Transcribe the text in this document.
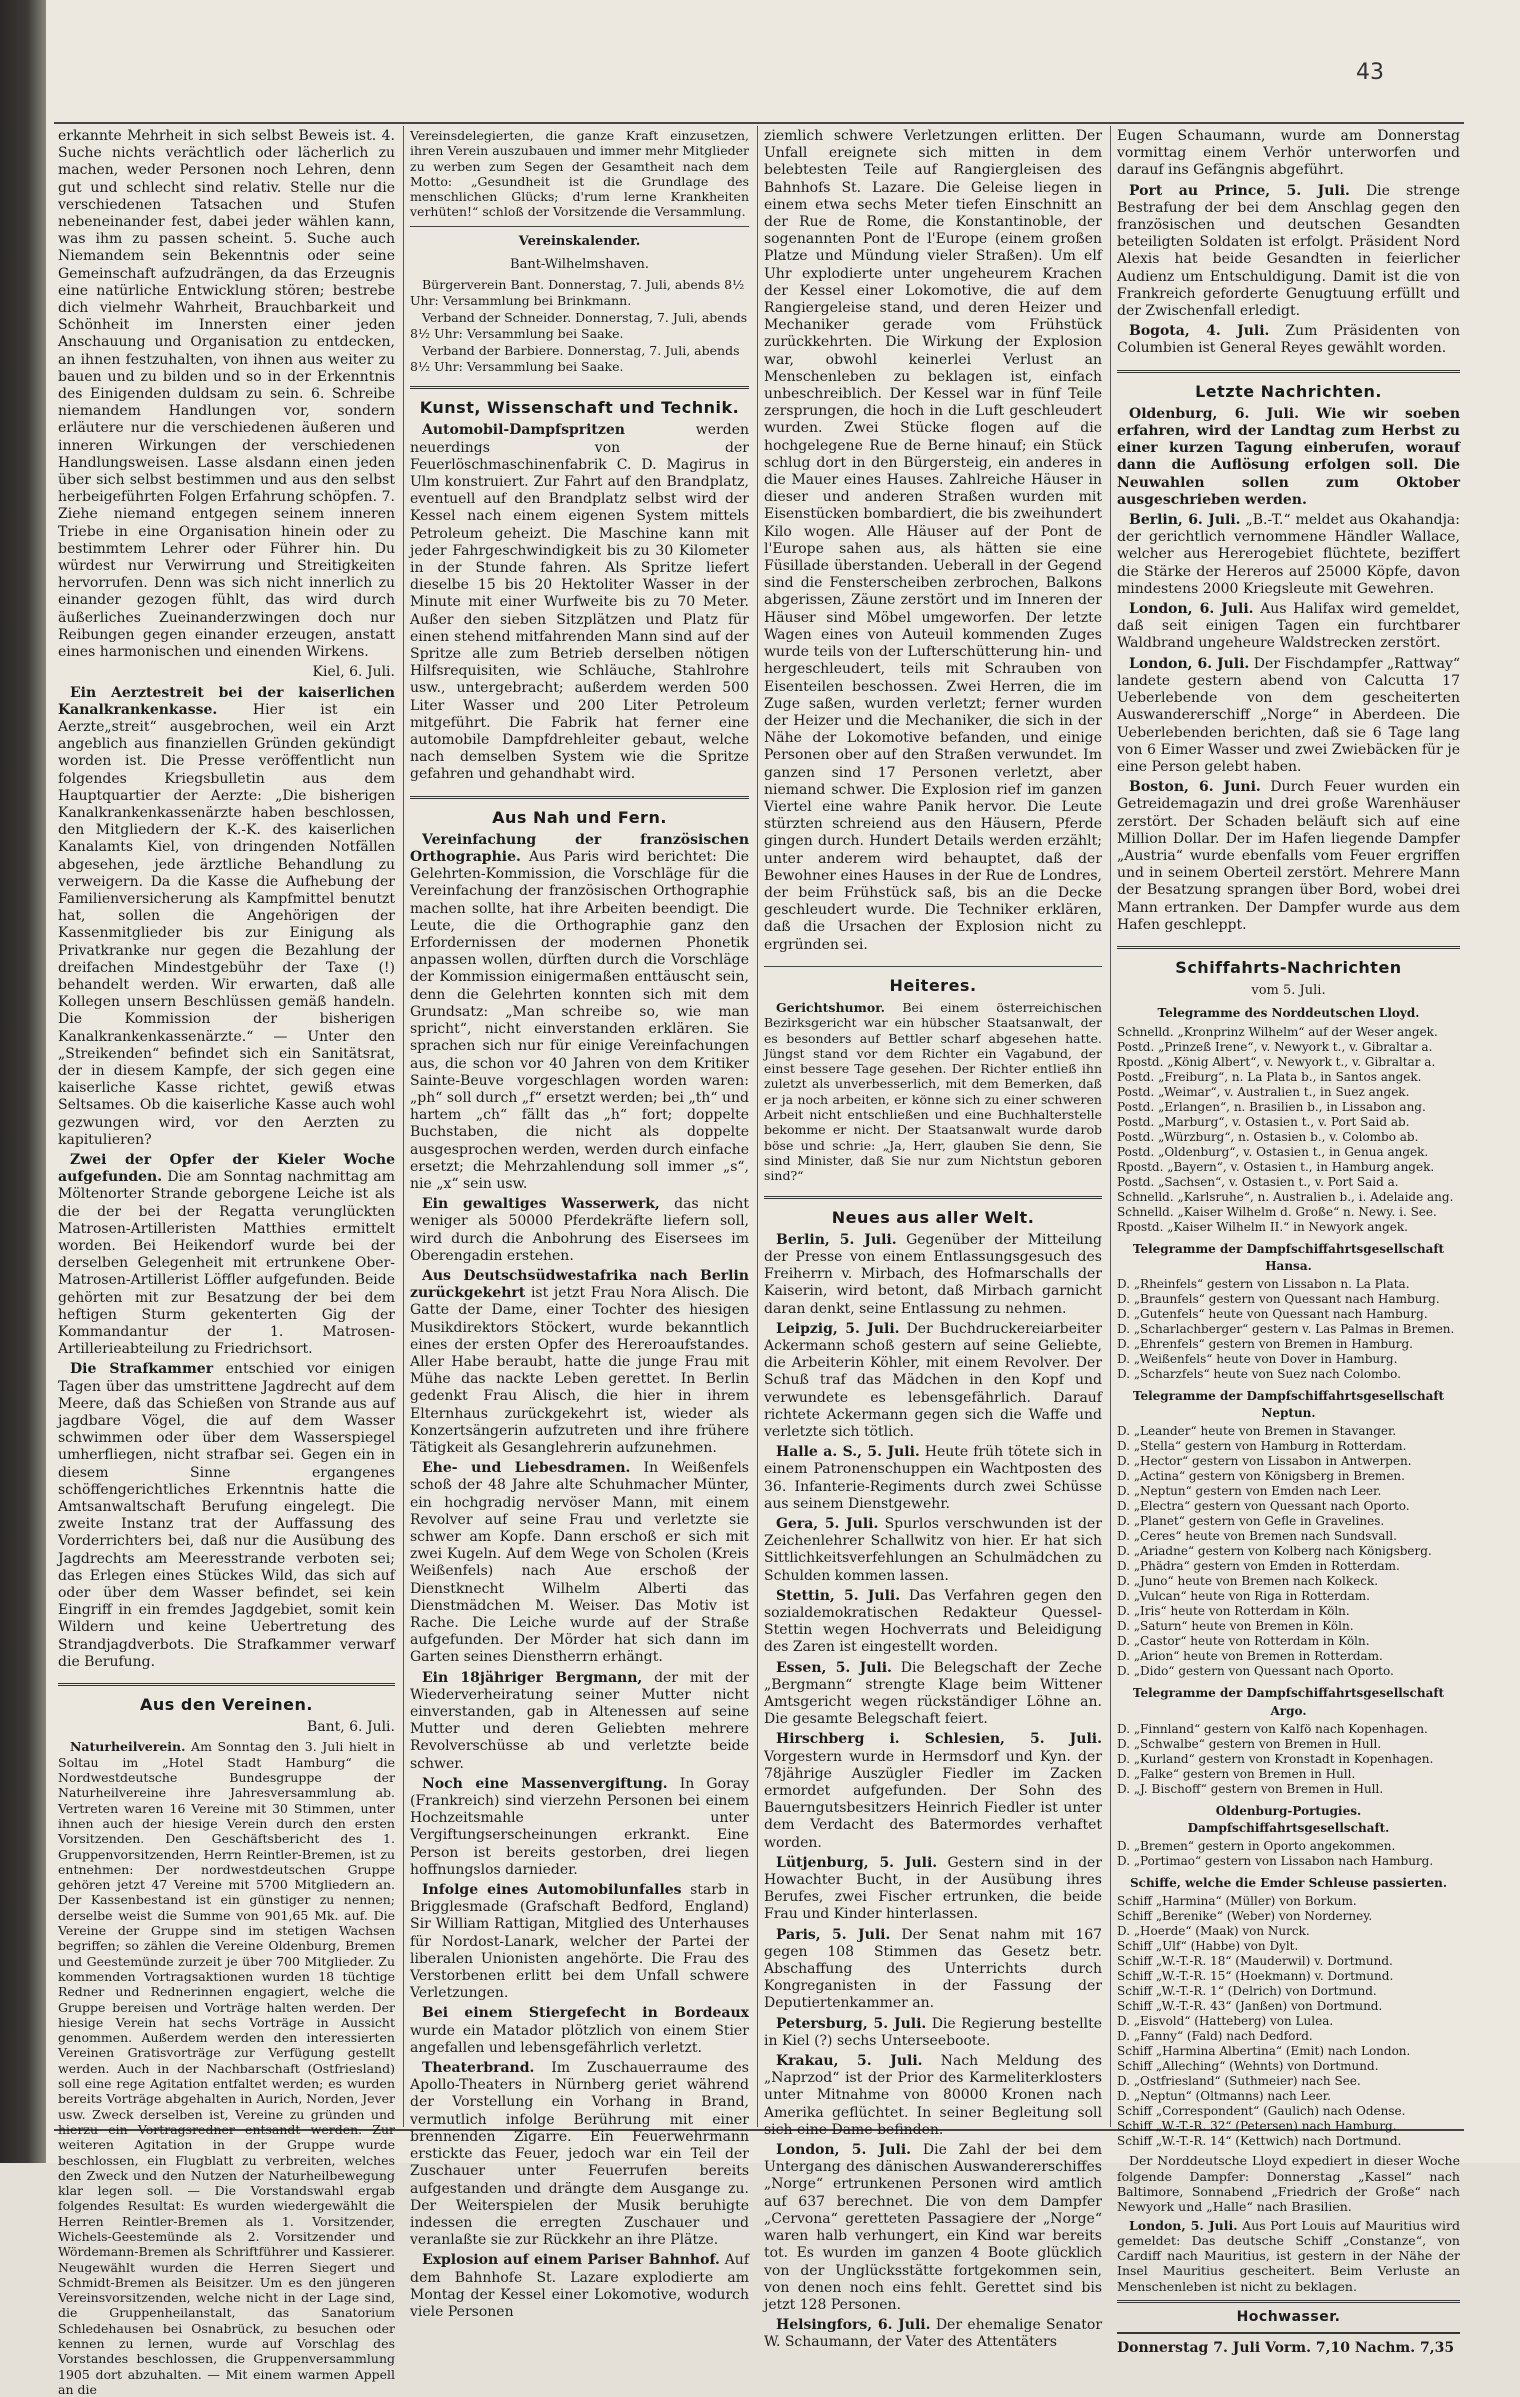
43

erkannte Mehrheit in sich selbst Beweis ist. 4. Suche nichts verächtlich oder lächerlich zu machen, weder Personen noch Lehren, denn gut und schlecht sind relativ. Stelle nur die verschiedenen Tatsachen und Stufen nebeneinander fest, dabei jeder wählen kann, was ihm zu passen scheint. 5. Suche auch Niemandem sein Bekenntnis oder seine Gemeinschaft aufzudrängen, da das Erzeugnis eine natürliche Entwicklung stören; bestrebe dich vielmehr Wahrheit, Brauchbarkeit und Schönheit im Innersten einer jeden Anschauung und Organisation zu entdecken, an ihnen festzuhalten, von ihnen aus weiter zu bauen und zu bilden und so in der Erkenntnis des Einigenden duldsam zu sein. 6. Schreibe niemandem Handlungen vor, sondern erläutere nur die verschiedenen äußeren und inneren Wirkungen der verschiedenen Handlungsweisen. Lasse alsdann einen jeden über sich selbst bestimmen und aus den selbst herbeigeführten Folgen Erfahrung schöpfen. 7. Ziehe niemand entgegen seinem inneren Triebe in eine Organisation hinein oder zu bestimmtem Lehrer oder Führer hin. Du würdest nur Verwirrung und Streitigkeiten hervorrufen. Denn was sich nicht innerlich zu einander gezogen fühlt, das wird durch äußerliches Zueinanderzwingen doch nur Reibungen gegen einander erzeugen, anstatt eines harmonischen und einenden Wirkens.

Kiel, 6. Juli.

Ein Aerztestreit bei der kaiserlichen Kanalkrankenkasse.	Hier ist ein Aerzte„streit“ ausgebrochen, weil ein Arzt angeblich aus finanziellen Gründen gekündigt worden ist. Die Presse veröffentlicht nun folgendes Kriegsbulletin aus dem Hauptquartier der Aerzte: „Die bisherigen Kanalkrankenkassenärzte haben beschlossen, den Mitgliedern der K.-K. des kaiserlichen Kanalamts Kiel, von dringenden Notfällen abgesehen, jede ärztliche Behandlung zu verweigern. Da die Kasse die Aufhebung der Familienversicherung als Kampfmittel benutzt hat, sollen die Angehörigen der Kassenmitglieder bis zur Einigung als Privatkranke nur gegen die Bezahlung der dreifachen Mindestgebühr der Taxe (!) behandelt werden. Wir erwarten, daß alle Kollegen unsern Beschlüssen gemäß handeln. Die Kommission der bisherigen Kanalkrankenkassenärzte.“ — Unter den „Streikenden“ befindet sich ein Sanitätsrat, der in diesem Kampfe, der sich gegen eine kaiserliche Kasse richtet, gewiß etwas Seltsames. Ob die kaiserliche Kasse auch wohl gezwungen wird, vor den Aerzten zu kapitulieren?

Zwei der Opfer der Kieler Woche aufgefunden. Die am Sonntag nachmittag am Möltenorter Strande geborgene Leiche ist als die der bei der Regatta verunglückten Matrosen-Artilleristen Matthies ermittelt worden. Bei Heikendorf wurde bei der derselben Gelegenheit mit ertrunkene Ober-Matrosen-Artillerist Löffler aufgefunden. Beide gehörten mit zur Besatzung der bei dem heftigen Sturm gekenterten Gig der Kommandantur der 1. Matrosen-Artillerieabteilung zu Friedrichsort.

Die Strafkammer entschied vor einigen Tagen über das umstrittene Jagdrecht auf dem Meere, daß das Schießen von Strande aus auf jagdbare Vögel, die auf dem Wasser schwimmen oder über dem Wasserspiegel umherfliegen, nicht strafbar sei. Gegen ein in diesem Sinne ergangenes schöffengerichtliches Erkenntnis hatte die Amtsanwaltschaft Berufung eingelegt. Die zweite Instanz trat der Auffassung des Vorderrichters bei, daß nur die Ausübung des Jagdrechts am Meeresstrande verboten sei; das Erlegen eines Stückes Wild, das sich auf oder über dem Wasser befindet, sei kein Eingriff in ein fremdes Jagdgebiet, somit kein Wildern und keine Uebertretung des Strandjagdverbots. Die Strafkammer verwarf die Berufung.

Aus den Vereinen.

Bant, 6. Juli.

Naturheilverein. Am Sonntag den 3. Juli hielt in Soltau im „Hotel Stadt Hamburg“ die Nordwestdeutsche Bundesgruppe der Naturheilvereine ihre Jahresversammlung ab. Vertreten waren 16 Vereine mit 30 Stimmen, unter ihnen auch der hiesige Verein durch den ersten Vorsitzenden. Den Geschäftsbericht des 1. Gruppenvorsitzenden, Herrn Reintler-Bremen, ist zu entnehmen: Der nordwestdeutschen Gruppe gehören jetzt 47 Vereine mit 5700 Mitgliedern an. Der Kassenbestand ist ein günstiger zu nennen; derselbe weist die Summe von 901,65 Mk. auf. Die Vereine der Gruppe sind im stetigen Wachsen begriffen; so zählen die Vereine Oldenburg, Bremen und Geestemünde zurzeit je über 700 Mitglieder. Zu kommenden Vortragsaktionen wurden 18 tüchtige Redner und Rednerinnen engagiert, welche die Gruppe bereisen und Vorträge halten werden. Der hiesige Verein hat sechs Vorträge in Aussicht genommen. Außerdem werden den interessierten Vereinen Gratisvorträge zur Verfügung gestellt werden. Auch in der Nachbarschaft (Ostfriesland) soll eine rege Agitation entfaltet werden; es wurden bereits Vorträge abgehalten in Aurich, Norden, Jever usw. Zweck derselben ist, Vereine zu gründen und hierzu ein Vortragsredner entsandt werden. Zur weiteren Agitation in der Gruppe wurde beschlossen, ein Flugblatt zu verbreiten, welches den Zweck und den Nutzen der Naturheilbewegung klar legen soll. — Die Vorstandswahl ergab folgendes Resultat: Es wurden wiedergewählt die Herren Reintler-Bremen als 1. Vorsitzender, Wichels-Geestemünde als 2. Vorsitzender und Wördemann-Bremen als Schriftführer und Kassierer. Neugewählt wurden die Herren Siegert und Schmidt-Bremen als Beisitzer. Um es den jüngeren Vereinsvorsitzenden, welche nicht in der Lage sind, die Gruppenheilanstalt, das Sanatorium Schledehausen bei Osnabrück, zu besuchen oder kennen zu lernen, wurde auf Vorschlag des Vorstandes beschlossen, die Gruppenversammlung 1905 dort abzuhalten. — Mit einem warmen Appell an die

Vereinsdelegierten, die ganze Kraft einzusetzen, ihren Verein auszubauen und immer mehr Mitglieder zu werben zum Segen der Gesamtheit nach dem Motto: „Gesundheit ist die Grundlage des menschlichen Glücks; d'rum lerne Krankheiten verhüten!“ schloß der Vorsitzende die Versammlung.

Vereinskalender.
Bant-Wilhelmshaven.

Bürgerverein Bant. Donnerstag, 7. Juli, abends 8½ Uhr: Versammlung bei Brinkmann.

Verband der Schneider. Donnerstag, 7. Juli, abends 8½ Uhr: Versammlung bei Saake.

Verband der Barbiere. Donnerstag, 7. Juli, abends 8½ Uhr: Versammlung bei Saake.

Kunst, Wissenschaft und Technik.

Automobil-Dampfspritzen	werden neuerdings von der Feuerlöschmaschinenfabrik C. D. Magirus in Ulm konstruiert. Zur Fahrt auf den Brandplatz, eventuell auf den Brandplatz selbst wird der Kessel nach einem eigenen System mittels Petroleum geheizt. Die Maschine kann mit jeder Fahrgeschwindigkeit bis zu 30 Kilometer in der Stunde fahren. Als Spritze liefert dieselbe 15 bis 20 Hektoliter Wasser in der Minute mit einer Wurfweite bis zu 70 Meter. Außer den sieben Sitzplätzen und Platz für einen stehend mitfahrenden Mann sind auf der Spritze alle zum Betrieb derselben nötigen Hilfsrequisiten, wie Schläuche, Stahlrohre usw., untergebracht; außerdem werden 500 Liter Wasser und 200 Liter Petroleum mitgeführt. Die Fabrik hat ferner eine automobile Dampfdrehleiter gebaut, welche nach demselben System wie die Spritze gefahren und gehandhabt wird.

Aus Nah und Fern.

Vereinfachung der französischen Orthographie. Aus Paris wird berichtet: Die Gelehrten-Kommission, die Vorschläge für die Vereinfachung der französischen Orthographie machen sollte, hat ihre Arbeiten beendigt. Die Leute, die die Orthographie ganz den Erfordernissen der modernen Phonetik anpassen wollen, dürften durch die Vorschläge der Kommission einigermaßen enttäuscht sein, denn die Gelehrten konnten sich mit dem Grundsatz: „Man schreibe so, wie man spricht“, nicht einverstanden erklären. Sie sprachen sich nur für einige Vereinfachungen aus, die schon vor 40 Jahren von dem Kritiker Sainte-Beuve vorgeschlagen worden waren: „ph“ soll durch „f“ ersetzt werden; bei „th“ und hartem „ch“ fällt das „h“ fort; doppelte Buchstaben, die nicht als doppelte ausgesprochen werden, werden durch einfache ersetzt; die Mehrzahlendung soll immer „s“, nie „x“ sein usw.

Ein gewaltiges Wasserwerk, das nicht weniger als 50000 Pferdekräfte liefern soll, wird durch die Anbohrung des Eisersees im Oberengadin erstehen.

Aus Deutschsüdwestafrika nach Berlin zurückgekehrt ist jetzt Frau Nora Alisch. Die Gatte der Dame, einer Tochter des hiesigen Musikdirektors Stöckert, wurde bekanntlich eines der ersten Opfer des Hereroaufstandes. Aller Habe beraubt, hatte die junge Frau mit Mühe das nackte Leben gerettet. In Berlin gedenkt Frau Alisch, die hier in ihrem Elternhaus zurückgekehrt ist, wieder als Konzertsängerin aufzutreten und ihre frühere Tätigkeit als Gesanglehrerin aufzunehmen.

Ehe- und Liebesdramen. In Weißenfels schoß der 48 Jahre alte Schuhmacher Münter, ein hochgradig nervöser Mann, mit einem Revolver auf seine Frau und verletzte sie schwer am Kopfe. Dann erschoß er sich mit zwei Kugeln. Auf dem Wege von Scholen (Kreis Weißenfels) nach Aue erschoß der Dienstknecht Wilhelm Alberti das Dienstmädchen M. Weiser. Das Motiv ist Rache. Die Leiche wurde auf der Straße aufgefunden. Der Mörder hat sich dann im Garten seines Dienstherrn erhängt.

Ein 18jähriger Bergmann, der mit der Wiederverheiratung seiner Mutter nicht einverstanden, gab in Altenessen auf seine Mutter und deren Geliebten mehrere Revolverschüsse ab und verletzte beide schwer.

Noch eine Massenvergiftung. In Goray (Frankreich) sind vierzehn Personen bei einem Hochzeitsmahle unter Vergiftungserscheinungen erkrankt. Eine Person ist bereits gestorben, drei liegen hoffnungslos darnieder.

Infolge eines Automobilunfalles starb in Brigglesmade (Grafschaft Bedford, England) Sir William Rattigan, Mitglied des Unterhauses für Nordost-Lanark, welcher der Partei der liberalen Unionisten angehörte. Die Frau des Verstorbenen erlitt bei dem Unfall schwere Verletzungen.

Bei einem Stiergefecht in Bordeaux wurde ein Matador plötzlich von einem Stier angefallen und lebensgefährlich verletzt.

Theaterbrand. Im Zuschauerraume des Apollo-Theaters in Nürnberg geriet während der Vorstellung ein Vorhang in Brand, vermutlich infolge Berührung mit einer brennenden Zigarre. Ein Feuerwehrmann erstickte das Feuer, jedoch war ein Teil der Zuschauer unter Feuerrufen bereits aufgestanden und drängte dem Ausgange zu. Der Weiterspielen der Musik beruhigte indessen die erregten Zuschauer und veranlaßte sie zur Rückkehr an ihre Plätze.

Explosion auf einem Pariser Bahnhof. Auf dem Bahnhofe St. Lazare explodierte am Montag der Kessel einer Lokomotive, wodurch viele Personen

ziemlich schwere Verletzungen erlitten. Der Unfall ereignete sich mitten in dem belebtesten Teile auf Rangiergleisen des Bahnhofs St. Lazare. Die Geleise liegen in einem etwa sechs Meter tiefen Einschnitt an der Rue de Rome, die Konstantinoble, der sogenannten Pont de l'Europe (einem großen Platze und Mündung vieler Straßen). Um elf Uhr explodierte unter ungeheurem Krachen der Kessel einer Lokomotive, die auf dem Rangiergeleise stand, und deren Heizer und Mechaniker gerade vom Frühstück zurückkehrten. Die Wirkung der Explosion war, obwohl keinerlei Verlust an Menschenleben zu beklagen ist, einfach unbeschreiblich. Der Kessel war in fünf Teile zersprungen, die hoch in die Luft geschleudert wurden. Zwei Stücke flogen auf die hochgelegene Rue de Berne hinauf; ein Stück schlug dort in den Bürgersteig, ein anderes in die Mauer eines Hauses. Zahlreiche Häuser in dieser und anderen Straßen wurden mit Eisenstücken bombardiert, die bis zweihundert Kilo wogen. Alle Häuser auf der Pont de l'Europe sahen aus, als hätten sie eine Füsillade überstanden. Ueberall in der Gegend sind die Fensterscheiben zerbrochen, Balkons abgerissen, Zäune zerstört und im Inneren der Häuser sind Möbel umgeworfen. Der letzte Wagen eines von Auteuil kommenden Zuges wurde teils von der Lufterschütterung hin- und hergeschleudert, teils mit Schrauben von Eisenteilen beschossen. Zwei Herren, die im Zuge saßen, wurden verletzt; ferner wurden der Heizer und die Mechaniker, die sich in der Nähe der Lokomotive befanden, und einige Personen ober auf den Straßen verwundet. Im ganzen sind 17 Personen verletzt, aber niemand schwer. Die Explosion rief im ganzen Viertel eine wahre Panik hervor. Die Leute stürzten schreiend aus den Häusern, Pferde gingen durch. Hundert Details werden erzählt; unter anderem wird behauptet, daß der Bewohner eines Hauses in der Rue de Londres, der beim Frühstück saß, bis an die Decke geschleudert wurde. Die Techniker erklären, daß die Ursachen der Explosion nicht zu ergründen sei.

Heiteres.

Gerichtshumor. Bei einem österreichischen Bezirksgericht war ein hübscher Staatsanwalt, der es besonders auf Bettler scharf abgesehen hatte. Jüngst stand vor dem Richter ein Vagabund, der einst bessere Tage gesehen. Der Richter entließ ihn zuletzt als unverbesserlich, mit dem Bemerken, daß er ja noch arbeiten, er könne sich zu einer schweren Arbeit nicht entschließen und eine Buchhalterstelle bekomme er nicht. Der Staatsanwalt wurde darob böse und schrie: „Ja, Herr, glauben Sie denn, Sie sind Minister, daß Sie nur zum Nichtstun geboren sind?“

Neues aus aller Welt.

Berlin, 5. Juli. Gegenüber der Mitteilung der Presse von einem Entlassungsgesuch des Freiherrn v. Mirbach, des Hofmarschalls der Kaiserin, wird betont, daß Mirbach garnicht daran denkt, seine Entlassung zu nehmen.

Leipzig, 5. Juli. Der Buchdruckereiarbeiter Ackermann schoß gestern auf seine Geliebte, die Arbeiterin Köhler, mit einem Revolver. Der Schuß traf das Mädchen in den Kopf und verwundete es lebensgefährlich. Darauf richtete Ackermann gegen sich die Waffe und verletzte sich tötlich.

Halle a. S., 5. Juli. Heute früh tötete sich in einem Patronenschuppen ein Wachtposten des 36. Infanterie-Regiments durch zwei Schüsse aus seinem Dienstgewehr.

Gera, 5. Juli. Spurlos verschwunden ist der Zeichenlehrer Schallwitz von hier. Er hat sich Sittlichkeitsverfehlungen an Schulmädchen zu Schulden kommen lassen.

Stettin, 5. Juli. Das Verfahren gegen den sozialdemokratischen Redakteur Quessel-Stettin wegen Hochverrats und Beleidigung des Zaren ist eingestellt worden.

Essen, 5. Juli. Die Belegschaft der Zeche „Bergmann“ strengte Klage beim Wittener Amtsgericht wegen rückständiger Löhne an. Die gesamte Belegschaft feiert.

Hirschberg i. Schlesien, 5. Juli. Vorgestern wurde in Hermsdorf und Kyn. der 78jährige Auszügler Fiedler im Zacken ermordet aufgefunden. Der Sohn des Bauerngutsbesitzers Heinrich Fiedler ist unter dem Verdacht des Batermordes verhaftet worden.

Lütjenburg, 5. Juli. Gestern sind in der Howachter Bucht, in der Ausübung ihres Berufes, zwei Fischer ertrunken, die beide Frau und Kinder hinterlassen.

Paris, 5. Juli. Der Senat nahm mit 167 gegen 108 Stimmen das Gesetz betr. Abschaffung des Unterrichts durch Kongreganisten in der Fassung der Deputiertenkammer an.

Petersburg, 5. Juli. Die Regierung bestellte in Kiel (?) sechs Unterseeboote.

Krakau, 5. Juli. Nach Meldung des „Naprzod“ ist der Prior des Karmeliterklosters unter Mitnahme von 80000 Kronen nach Amerika geflüchtet. In seiner Begleitung soll sich eine Dame befinden.

London, 5. Juli. Die Zahl der bei dem Untergang des dänischen Auswandererschiffes „Norge“ ertrunkenen Personen wird amtlich auf 637 berechnet. Die von dem Dampfer „Cervona“ geretteten Passagiere der „Norge“ waren halb verhungert, ein Kind war bereits tot. Es wurden im ganzen 4 Boote glücklich von der Unglücksstätte fortgekommen sein, von denen noch eins fehlt. Gerettet sind bis jetzt 128 Personen.

Helsingfors, 6. Juli. Der ehemalige Senator W. Schaumann, der Vater des Attentäters

Eugen Schaumann, wurde am Donnerstag vormittag einem Verhör unterworfen und darauf ins Gefängnis abgeführt.

Port au Prince, 5. Juli. Die strenge Bestrafung der bei dem Anschlag gegen den französischen und deutschen Gesandten beteiligten Soldaten ist erfolgt. Präsident Nord Alexis hat beide Gesandten in feierlicher Audienz um Entschuldigung. Damit ist die von Frankreich geforderte Genugtuung erfüllt und der Zwischenfall erledigt.

Bogota, 4. Juli. Zum Präsidenten von Columbien ist General Reyes gewählt worden.

Letzte Nachrichten.

Oldenburg, 6. Juli. Wie wir soeben erfahren, wird der Landtag zum Herbst zu einer kurzen Tagung einberufen, worauf dann die Auflösung erfolgen soll. Die Neuwahlen sollen zum Oktober ausgeschrieben werden.

Berlin, 6. Juli. „B.-T.“ meldet aus Okahandja: der gerichtlich vernommene Händler Wallace, welcher aus Hererogebiet flüchtete, beziffert die Stärke der Hereros auf 25000 Köpfe, davon mindestens 2000 Kriegsleute mit Gewehren.

London, 6. Juli. Aus Halifax wird gemeldet, daß seit einigen Tagen ein furchtbarer Waldbrand ungeheure Waldstrecken zerstört.

London, 6. Juli. Der Fischdampfer „Rattway“ landete gestern abend von Calcutta 17 Ueberlebende von dem gescheiterten Auswandererschiff „Norge“ in Aberdeen. Die Ueberlebenden berichten, daß sie 6 Tage lang von 6 Eimer Wasser und zwei Zwiebäcken für je eine Person gelebt haben.

Boston, 6. Juni. Durch Feuer wurden ein Getreidemagazin und drei große Warenhäuser zerstört. Der Schaden beläuft sich auf eine Million Dollar. Der im Hafen liegende Dampfer „Austria“ wurde ebenfalls vom Feuer ergriffen und in seinem Oberteil zerstört. Mehrere Mann der Besatzung sprangen über Bord, wobei drei Mann ertranken. Der Dampfer wurde aus dem Hafen geschleppt.

Schiffahrts-Nachrichten
vom 5. Juli.

Telegramme des Norddeutschen Lloyd.

Schnelld. „Kronprinz Wilhelm“ auf der Weser angek.

Postd. „Prinzeß Irene“, v. Newyork t., v. Gibraltar a.

Rpostd. „König Albert“, v. Newyork t., v. Gibraltar a.

Postd. „Freiburg“, n. La Plata b., in Santos angek.

Postd. „Weimar“, v. Australien t., in Suez angek.

Postd. „Erlangen“, n. Brasilien b., in Lissabon ang.

Postd. „Marburg“, v. Ostasien t., v. Port Said ab.

Postd. „Würzburg“, n. Ostasien b., v. Colombo ab.

Postd. „Oldenburg“, v. Ostasien t., in Genua angek.

Rpostd. „Bayern“, v. Ostasien t., in Hamburg angek.

Postd. „Sachsen“, v. Ostasien t., v. Port Said a.

Schnelld. „Karlsruhe“, n. Australien b., i. Adelaide ang.

Schnelld. „Kaiser Wilhelm d. Große“ n. Newy. i. See.

Rpostd. „Kaiser Wilhelm II.“ in Newyork angek.

Telegramme der Dampfschiffahrtsgesellschaft Hansa.

D. „Rheinfels“ gestern von Lissabon n. La Plata.

D. „Braunfels“ gestern von Quessant nach Hamburg.

D. „Gutenfels“ heute von Quessant nach Hamburg.

D. „Scharlachberger“ gestern v. Las Palmas in Bremen.

D. „Ehrenfels“ gestern von Bremen in Hamburg.

D. „Weißenfels“ heute von Dover in Hamburg.

D. „Scharzfels“ heute von Suez nach Colombo.

Telegramme der Dampfschiffahrtsgesellschaft Neptun.

D. „Leander“ heute von Bremen in Stavanger.

D. „Stella“ gestern von Hamburg in Rotterdam.

D. „Hector“ gestern von Lissabon in Antwerpen.

D. „Actina“ gestern von Königsberg in Bremen.

D. „Neptun“ gestern von Emden nach Leer.

D. „Electra“ gestern von Quessant nach Oporto.

D. „Planet“ gestern von Gefle in Gravelines.

D. „Ceres“ heute von Bremen nach Sundsvall.

D. „Ariadne“ gestern von Kolberg nach Königsberg.

D. „Phädra“ gestern von Emden in Rotterdam.

D. „Juno“ heute von Bremen nach Kolkeck.

D. „Vulcan“ heute von Riga in Rotterdam.

D. „Iris“ heute von Rotterdam in Köln.

D. „Saturn“ heute von Bremen in Köln.

D. „Castor“ heute von Rotterdam in Köln.

D. „Arion“ heute von Bremen in Rotterdam.

D. „Dido“ gestern von Quessant nach Oporto.

Telegramme der Dampfschiffahrtsgesellschaft Argo.

D. „Finnland“ gestern von Kalfö nach Kopenhagen.

D. „Schwalbe“ gestern von Bremen in Hull.

D. „Kurland“ gestern von Kronstadt in Kopenhagen.

D. „Falke“ gestern von Bremen in Hull.

D. „J. Bischoff“ gestern von Bremen in Hull.

Oldenburg-Portugies. Dampfschiffahrtsgesellschaft.

D. „Bremen“ gestern in Oporto angekommen.

D. „Portimao“ gestern von Lissabon nach Hamburg.

Schiffe, welche die Emder Schleuse passierten.

Schiff „Harmina“ (Müller) von Borkum.

Schiff „Berenike“ (Weber) von Norderney.

D. „Hoerde“ (Maak) von Nurck.

Schiff „Ulf“ (Habbe) von Dylt.

Schiff „W.-T.-R. 18“ (Mauderwil) v. Dortmund.

Schiff „W.-T.-R. 15“ (Hoekmann) v. Dortmund.

Schiff „W.-T.-R. 1“ (Delrich) von Dortmund.

Schiff „W.-T.-R. 43“ (Janßen) von Dortmund.

D. „Eisvold“ (Hatteberg) von Lulea.

D. „Fanny“ (Fald) nach Dedford.

Schiff „Harmina Albertina“ (Emit) nach London.

Schiff „Alleching“ (Wehnts) von Dortmund.

D. „Ostfriesland“ (Suthmeier) nach See.

D. „Neptun“ (Oltmanns) nach Leer.

Schiff „Correspondent“ (Gaulich) nach Odense.

Schiff „W.-T.-R. 32“ (Petersen) nach Hamburg.

Schiff „W.-T.-R. 14“ (Kettwich) nach Dortmund.

Der Norddeutsche Lloyd expediert in dieser Woche folgende Dampfer: Donnerstag „Kassel“ nach Baltimore, Sonnabend „Friedrich der Große“ nach Newyork und „Halle“ nach Brasilien.

London, 5. Juli. Aus Port Louis auf Mauritius wird gemeldet: Das deutsche Schiff „Constanze“, von Cardiff nach Mauritius, ist gestern in der Nähe der Insel Mauritius gescheitert. Beim Verluste an Menschenleben ist nicht zu beklagen.

Hochwasser.

Donnerstag 7. Juli Vorm. 7,10 Nachm. 7,35
